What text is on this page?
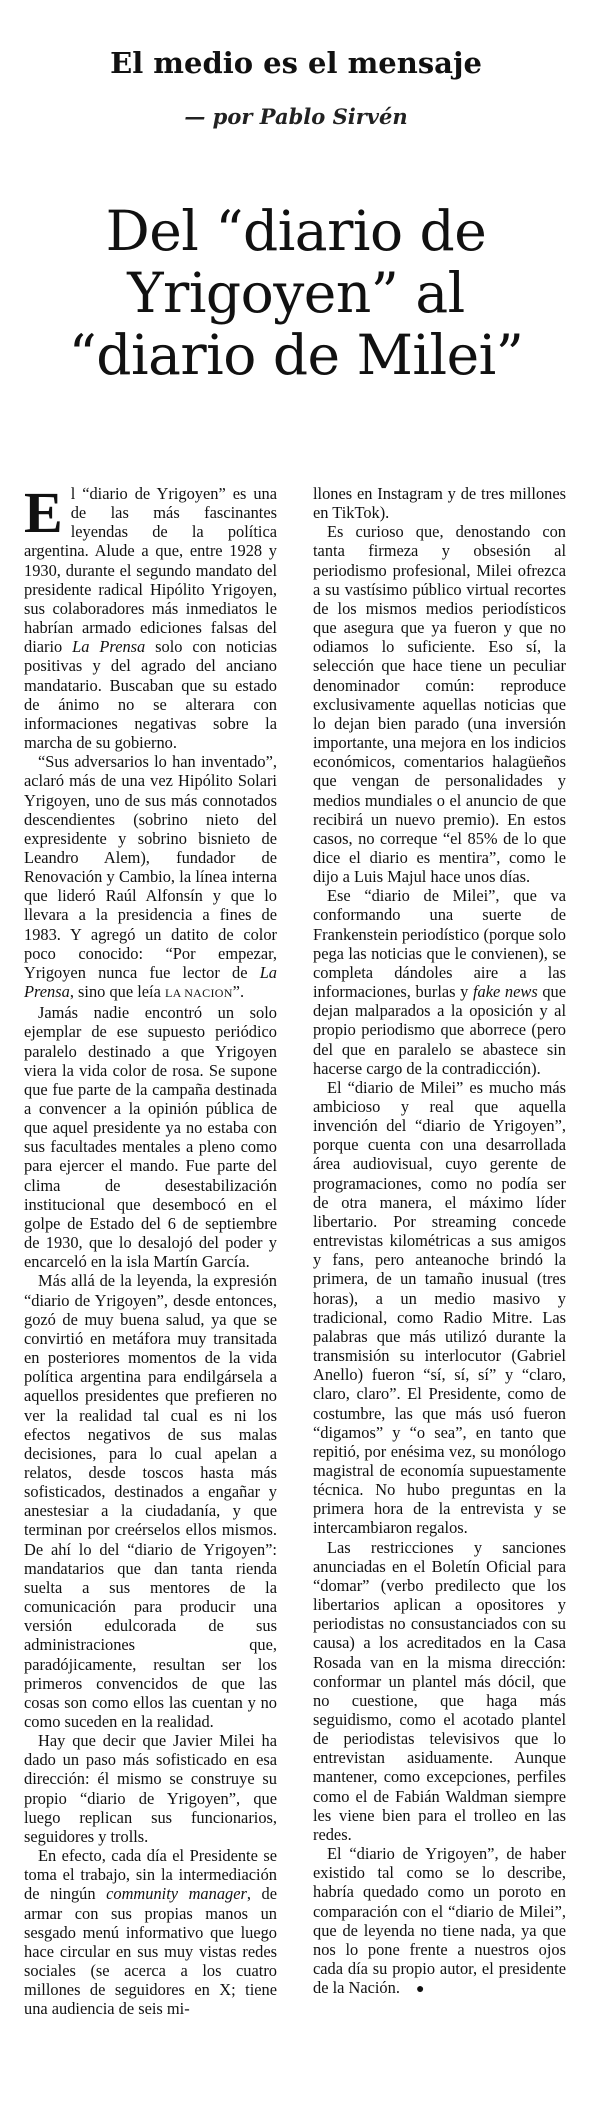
El medio es el mensaje
— por Pablo Sirvén
Del “diario de Yrigoyen” al “diario de Milei”

El “diario de Yrigoyen” es una de las más fascinantes leyendas de la política argentina. Alude a que, entre 1928 y 1930, durante el segundo mandato del presidente radical Hipólito Yrigoyen, sus colaboradores más inmediatos le habrían armado ediciones falsas del diario La Prensa solo con noticias positivas y del agrado del anciano mandatario. Buscaban que su estado de ánimo no se alterara con informaciones negativas sobre la marcha de su gobierno.

“Sus adversarios lo han inventado”, aclaró más de una vez Hipólito Solari Yrigoyen, uno de sus más connotados descendientes (sobrino nieto del expresidente y sobrino bisnieto de Leandro Alem), fundador de Renovación y Cambio, la línea interna que lideró Raúl Alfonsín y que lo llevara a la presidencia a fines de 1983. Y agregó un datito de color poco conocido: “Por empezar, Yrigoyen nunca fue lector de La Prensa, sino que leía LA NACION”.

Jamás nadie encontró un solo ejemplar de ese supuesto periódico paralelo destinado a que Yrigoyen viera la vida color de rosa. Se supone que fue parte de la campaña destinada a convencer a la opinión pública de que aquel presidente ya no estaba con sus facultades mentales a pleno como para ejercer el mando. Fue parte del clima de desestabilización institucional que desembocó en el golpe de Estado del 6 de septiembre de 1930, que lo desalojó del poder y encarceló en la isla Martín García.

Más allá de la leyenda, la expresión “diario de Yrigoyen”, desde entonces, gozó de muy buena salud, ya que se convirtió en metáfora muy transitada en posteriores momentos de la vida política argentina para endilgársela a aquellos presidentes que prefieren no ver la realidad tal cual es ni los efectos negativos de sus malas decisiones, para lo cual apelan a relatos, desde toscos hasta más sofisticados, destinados a engañar y anestesiar a la ciudadanía, y que terminan por creérselos ellos mismos. De ahí lo del “diario de Yrigoyen”: mandatarios que dan tanta rienda suelta a sus mentores de la comunicación para producir una versión edulcorada de sus administraciones que, paradójicamente, resultan ser los primeros convencidos de que las cosas son como ellos las cuentan y no como suceden en la realidad.

Hay que decir que Javier Milei ha dado un paso más sofisticado en esa dirección: él mismo se construye su propio “diario de Yrigoyen”, que luego replican sus funcionarios, seguidores y trolls.

En efecto, cada día el Presidente se toma el trabajo, sin la intermediación de ningún community manager, de armar con sus propias manos un sesgado menú informativo que luego hace circular en sus muy vistas redes sociales (se acerca a los cuatro millones de seguidores en X; tiene una audiencia de seis mi-

llones en Instagram y de tres millones en TikTok).

Es curioso que, denostando con tanta firmeza y obsesión al periodismo profesional, Milei ofrezca a su vastísimo público virtual recortes de los mismos medios periodísticos que asegura que ya fueron y que no odiamos lo suficiente. Eso sí, la selección que hace tiene un peculiar denominador común: reproduce exclusivamente aquellas noticias que lo dejan bien parado (una inversión importante, una mejora en los indicios económicos, comentarios halagüeños que vengan de personalidades y medios mundiales o el anuncio de que recibirá un nuevo premio). En estos casos, no correque “el 85% de lo que dice el diario es mentira”, como le dijo a Luis Majul hace unos días.

Ese “diario de Milei”, que va conformando una suerte de Frankenstein periodístico (porque solo pega las noticias que le convienen), se completa dándoles aire a las informaciones, burlas y fake news que dejan malparados a la oposición y al propio periodismo que aborrece (pero del que en paralelo se abastece sin hacerse cargo de la contradicción).

El “diario de Milei” es mucho más ambicioso y real que aquella invención del “diario de Yrigoyen”, porque cuenta con una desarrollada área audiovisual, cuyo gerente de programaciones, como no podía ser de otra manera, el máximo líder libertario. Por streaming concede entrevistas kilométricas a sus amigos y fans, pero anteanoche brindó la primera, de un tamaño inusual (tres horas), a un medio masivo y tradicional, como Radio Mitre. Las palabras que más utilizó durante la transmisión su interlocutor (Gabriel Anello) fueron “sí, sí, sí” y “claro, claro, claro”. El Presidente, como de costumbre, las que más usó fueron “digamos” y “o sea”, en tanto que repitió, por enésima vez, su monólogo magistral de economía supuestamente técnica. No hubo preguntas en la primera hora de la entrevista y se intercambiaron regalos.

Las restricciones y sanciones anunciadas en el Boletín Oficial para “domar” (verbo predilecto que los libertarios aplican a opositores y periodistas no consustanciados con su causa) a los acreditados en la Casa Rosada van en la misma dirección: conformar un plantel más dócil, que no cuestione, que haga más seguidismo, como el acotado plantel de periodistas televisivos que lo entrevistan asiduamente. Aunque mantener, como excepciones, perfiles como el de Fabián Waldman siempre les viene bien para el trolleo en las redes.

El “diario de Yrigoyen”, de haber existido tal como se lo describe, habría quedado como un poroto en comparación con el “diario de Milei”, que de leyenda no tiene nada, ya que nos lo pone frente a nuestros ojos cada día su propio autor, el presidente de la Nación. ●
